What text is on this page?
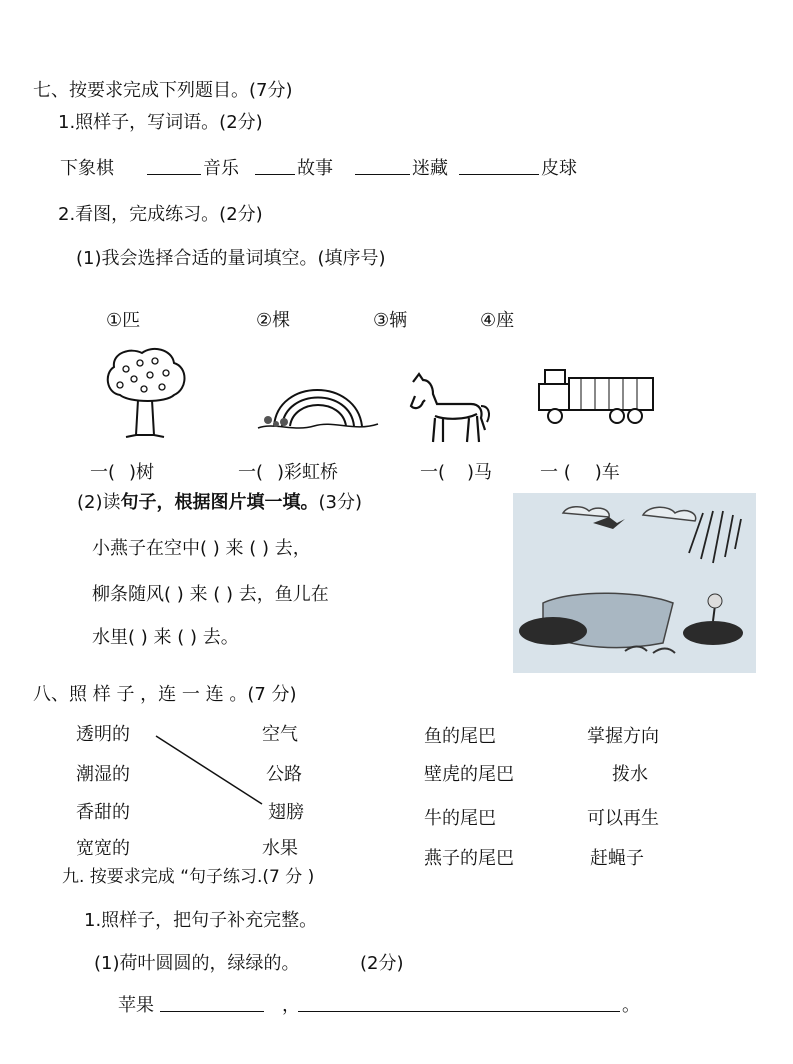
七、按要求完成下列题目。(7分)
1.照样子，写词语。(2分)
下象棋	音乐	故事	迷藏	皮球
2.看图，完成练习。(2分)
(1)我会选择合适的量词填空。(填序号)
①匹	②棵	③辆	④座
一( )树	一( )彩虹桥	一( )马	一 ( )车
(2)读句子，根据图片填一填。(3分)
小燕子在空中( ) 来 ( ) 去，
柳条随风( ) 来 ( ) 去，鱼儿在
水里( ) 来 ( ) 去。
八、照 样 子 ，连 一 连 。(7 分)
透明的
潮湿的
香甜的
宽宽的
空气
公路
翅膀
水果
鱼的尾巴
壁虎的尾巴
牛的尾巴
燕子的尾巴
掌握方向
拨水
可以再生
赶蝇子
九. 按要求完成 “句子练习.(7 分 )
1.照样子，把句子补充完整。
(1)荷叶圆圆的，绿绿的。	(2分)
苹果	，	。
